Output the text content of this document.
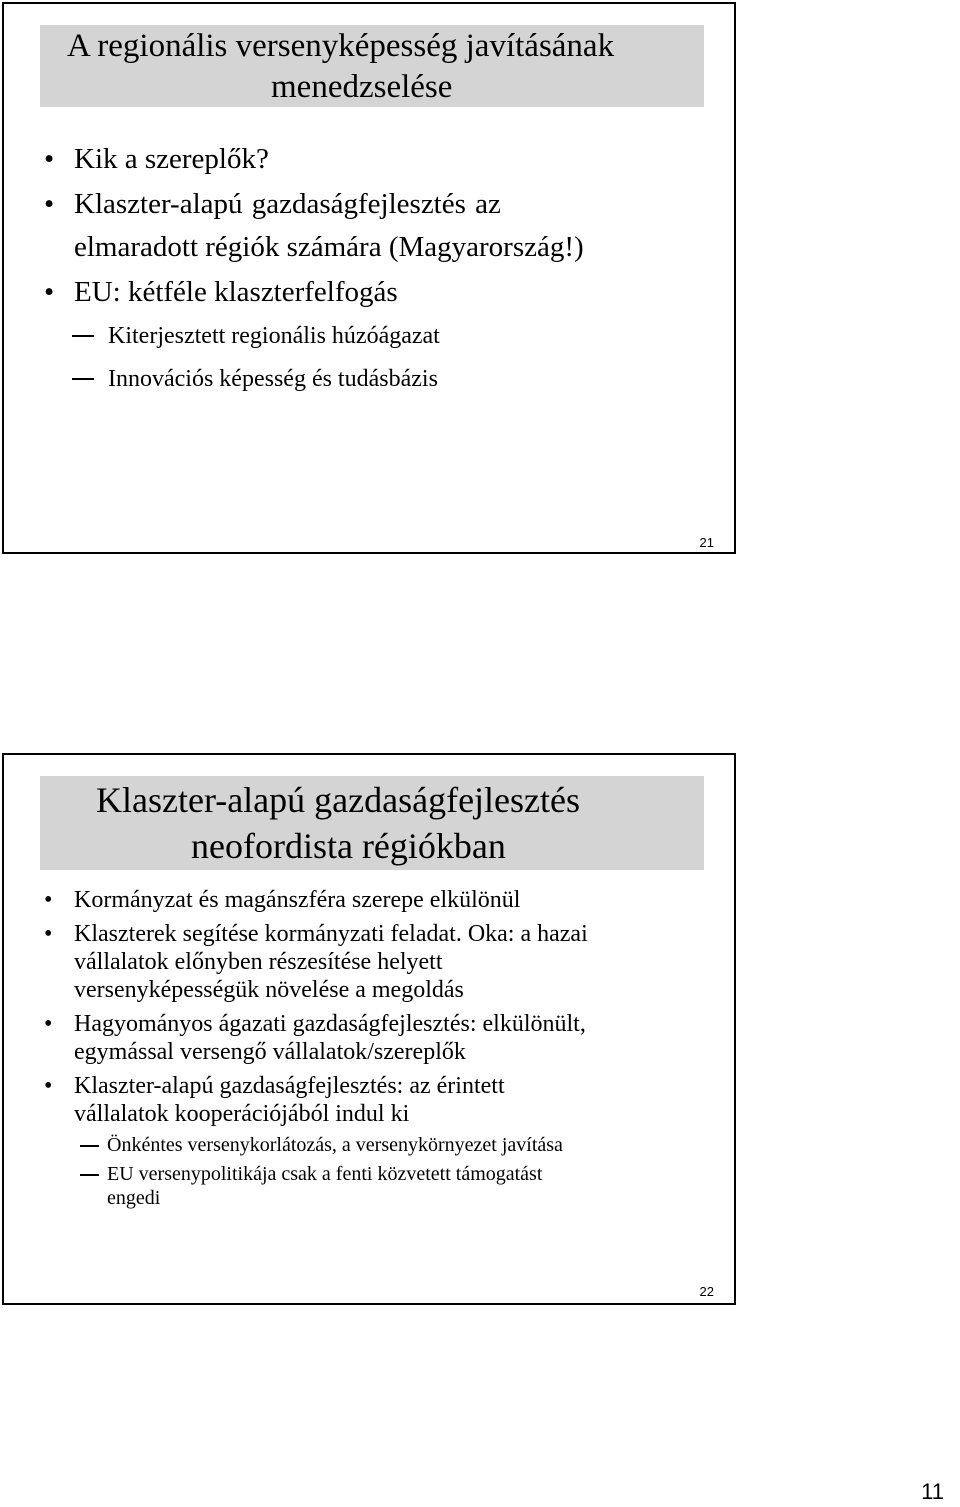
A regionális versenyképesség javításának
menedzselése
• Kik a szereplők?
• Klaszter-alapú gazdaságfejlesztés az
elmaradott régiók számára (Magyarország!)
• EU: kétféle klaszterfelfogás
Kiterjesztett regionális húzóágazat
Innovációs képesség és tudásbázis
21
Klaszter-alapú gazdaságfejlesztés
neofordista régiókban
• Kormányzat és magánszféra szerepe elkülönül
• Klaszterek segítése kormányzati feladat. Oka: a hazai
vállalatok előnyben részesítése helyett
versenyképességük növelése a megoldás
• Hagyományos ágazati gazdaságfejlesztés: elkülönült,
egymással versengő vállalatok/szereplők
• Klaszter-alapú gazdaságfejlesztés: az érintett
vállalatok kooperációjából indul ki
Önkéntes versenykorlátozás, a versenykörnyezet javítása
EU versenypolitikája csak a fenti közvetett támogatást
engedi
22
11
